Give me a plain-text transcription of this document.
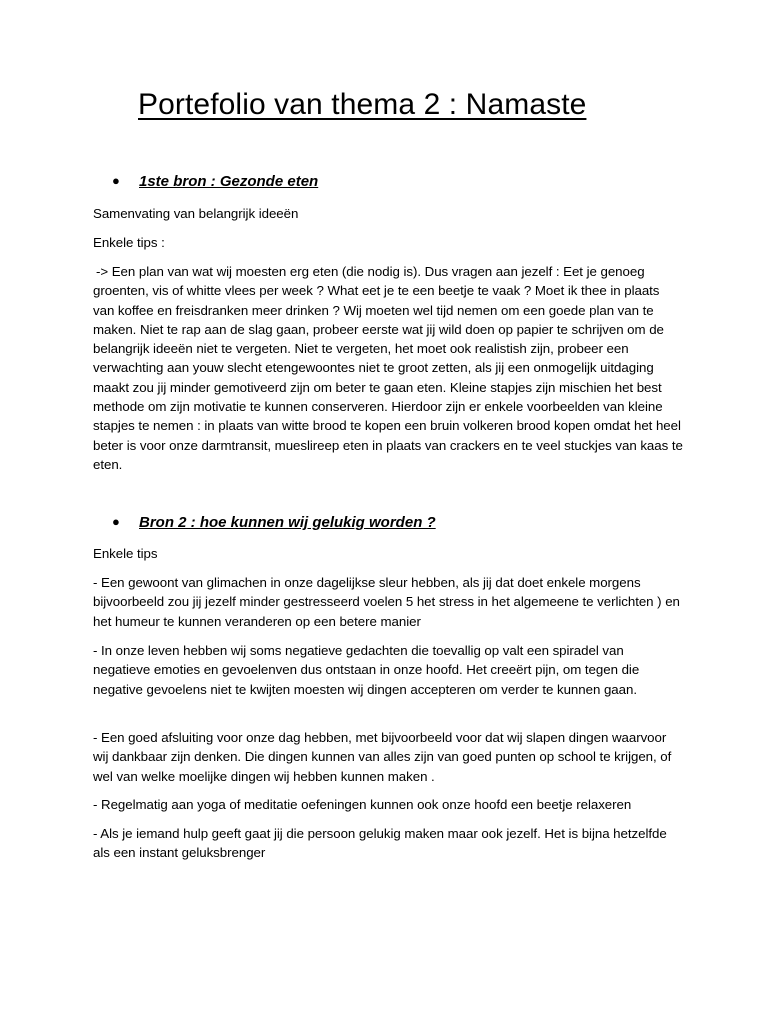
Portefolio van thema 2 : Namaste

● 1ste bron : Gezonde eten

Samenvating van belangrijk ideeën

Enkele tips :

-> Een plan van wat wij moesten erg eten (die nodig is). Dus vragen aan jezelf : Eet je genoeg groenten, vis of whitte vlees per week ? What eet je te een beetje te vaak ? Moet ik thee in plaats van koffee en freisdranken meer drinken ? Wij moeten wel tijd nemen om een goede plan van te maken. Niet te rap aan de slag gaan, probeer eerste wat jij wild doen op papier te schrijven om de belangrijk ideeën niet te vergeten. Niet te vergeten, het moet ook realistish zijn, probeer een verwachting aan youw slecht etengewoontes niet te groot zetten, als jij een onmogelijk uitdaging maakt zou jij minder gemotiveerd zijn om beter te gaan eten. Kleine stapjes zijn mischien het best methode om zijn motivatie te kunnen conserveren. Hierdoor zijn er enkele voorbeelden van kleine stapjes te nemen : in plaats van witte brood te kopen een bruin volkeren brood kopen omdat het heel beter is voor onze darmtransit, mueslireep eten in plaats van crackers en te veel stuckjes van kaas te eten.

● Bron 2 : hoe kunnen wij gelukig worden ?

Enkele tips

- Een gewoont van glimachen in onze dagelijkse sleur hebben, als jij dat doet enkele morgens bijvoorbeeld zou jij jezelf minder gestresseerd voelen 5 het stress in het algemeene te verlichten ) en het humeur te kunnen veranderen op een betere manier

- In onze leven hebben wij soms negatieve gedachten die toevallig op valt een spiradel van negatieve emoties en gevoelenven dus ontstaan in onze hoofd. Het creeërt pijn, om tegen die negative gevoelens niet te kwijten moesten wij dingen accepteren om verder te kunnen gaan.

- Een goed afsluiting voor onze dag hebben, met bijvoorbeeld voor dat wij slapen dingen waarvoor wij dankbaar zijn denken. Die dingen kunnen van alles zijn van goed punten op school te krijgen, of wel van welke moelijke dingen wij hebben kunnen maken .

- Regelmatig aan yoga of meditatie oefeningen kunnen ook onze hoofd een beetje relaxeren

- Als je iemand hulp geeft gaat jij die persoon gelukig maken maar ook jezelf. Het is bijna hetzelfde als een instant geluksbrenger
